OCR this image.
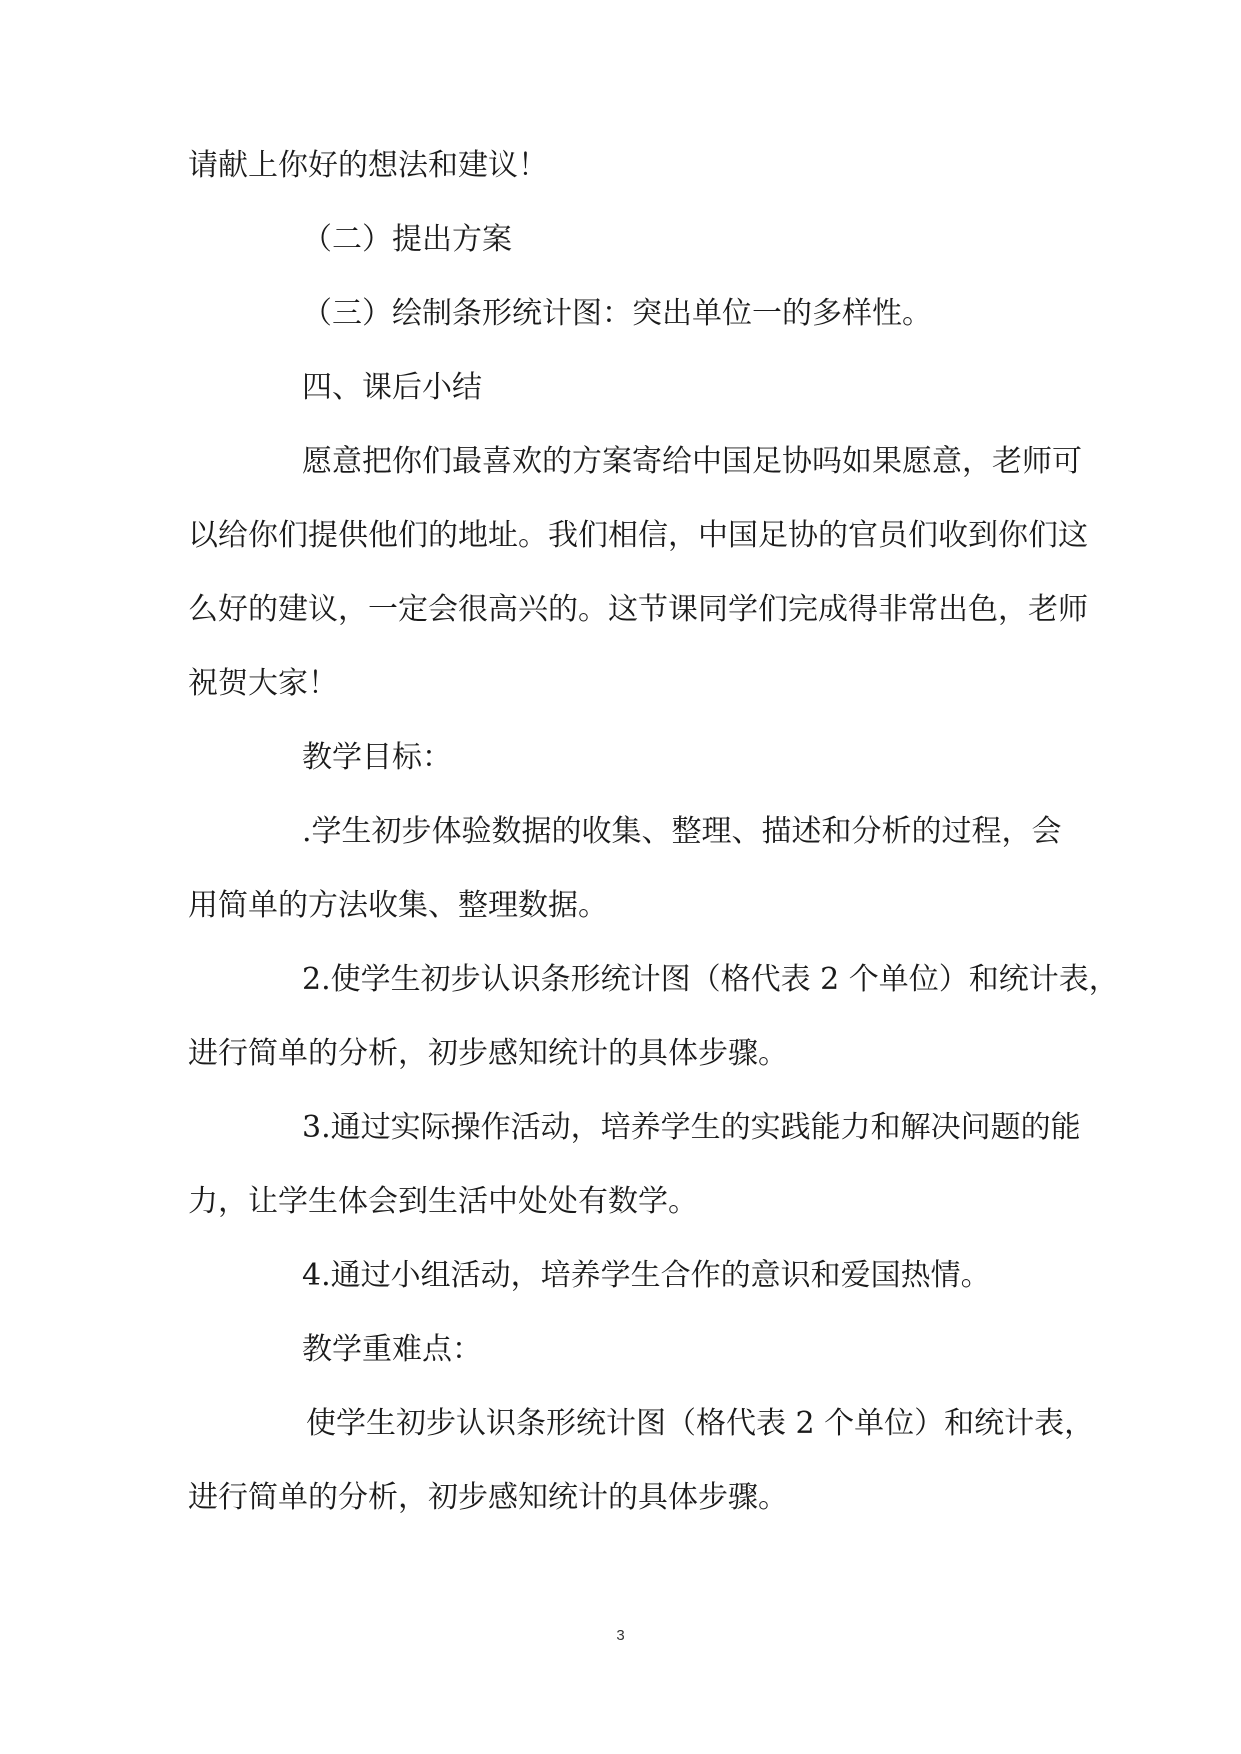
请献上你好的想法和建议！
（二）提出方案
（三）绘制条形统计图：突出单位一的多样性。
四、课后小结
愿意把你们最喜欢的方案寄给中国足协吗如果愿意，老师可
以给你们提供他们的地址。我们相信，中国足协的官员们收到你们这
么好的建议，一定会很高兴的。这节课同学们完成得非常出色，老师
祝贺大家！
教学目标：
.学生初步体验数据的收集、整理、描述和分析的过程，会
用简单的方法收集、整理数据。
2.使学生初步认识条形统计图（格代表 2 个单位）和统计表，
进行简单的分析，初步感知统计的具体步骤。
3.通过实际操作活动，培养学生的实践能力和解决问题的能
力，让学生体会到生活中处处有数学。
4.通过小组活动，培养学生合作的意识和爱国热情。
教学重难点：
使学生初步认识条形统计图（格代表 2 个单位）和统计表，
进行简单的分析，初步感知统计的具体步骤。
3
